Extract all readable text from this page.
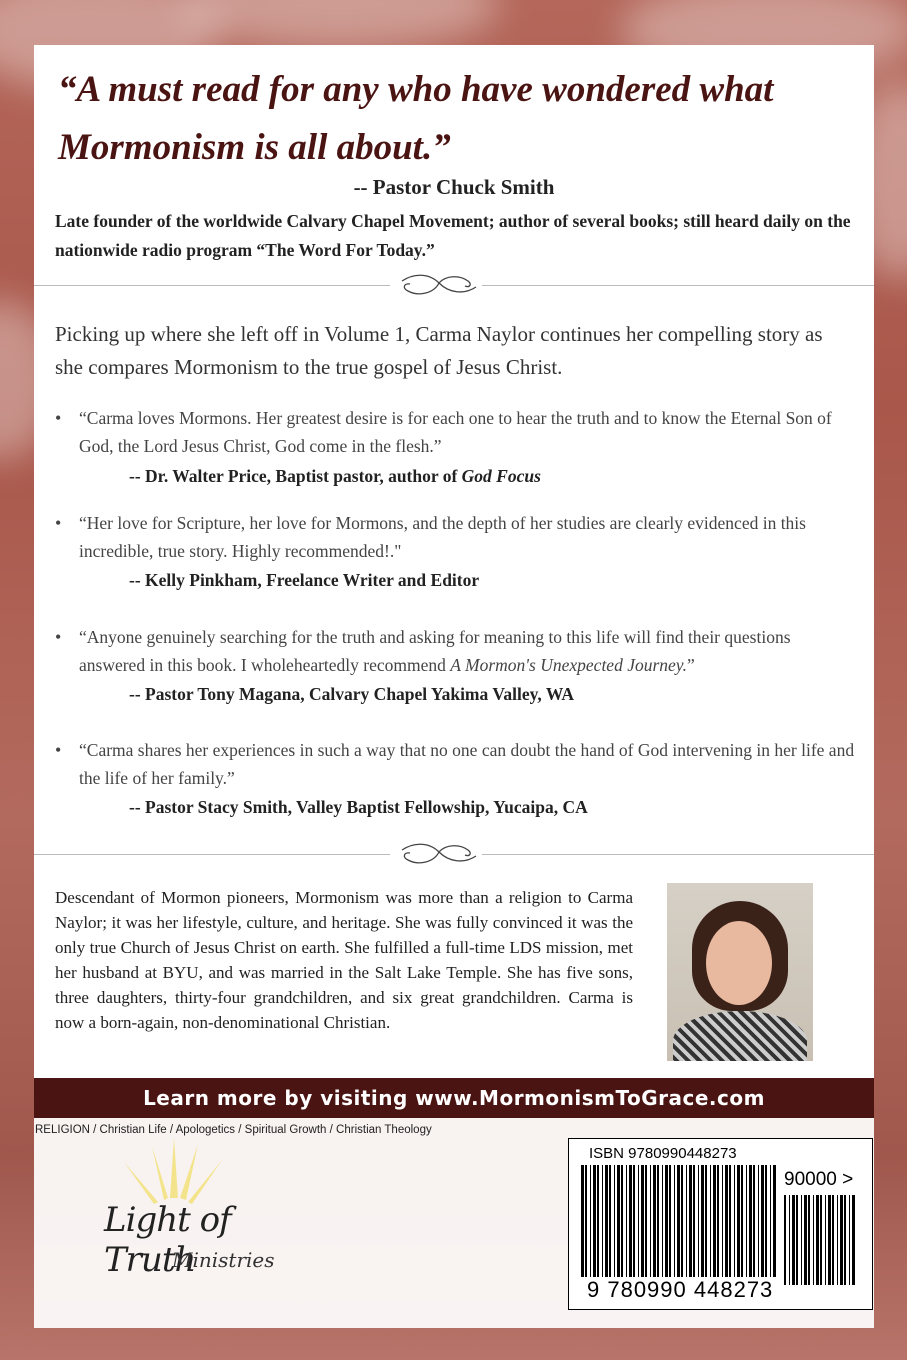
“A must read for any who have wondered what Mormonism is all about.”
-- Pastor Chuck Smith
Late founder of the worldwide Calvary Chapel Movement; author of several books; still heard daily on the nationwide radio program “The Word For Today.”
Picking up where she left off in Volume 1, Carma Naylor continues her compelling story as she compares Mormonism to the true gospel of Jesus Christ.
• “Carma loves Mormons. Her greatest desire is for each one to hear the truth and to know the Eternal Son of God, the Lord Jesus Christ, God come in the flesh.”
-- Dr. Walter Price, Baptist pastor, author of God Focus
• “Her love for Scripture, her love for Mormons, and the depth of her studies are clearly evidenced in this incredible, true story. Highly recommended!."
-- Kelly Pinkham, Freelance Writer and Editor
• “Anyone genuinely searching for the truth and asking for meaning to this life will find their questions answered in this book. I wholeheartedly recommend A Mormon's Unexpected Journey.”
-- Pastor Tony Magana, Calvary Chapel Yakima Valley, WA
• “Carma shares her experiences in such a way that no one can doubt the hand of God intervening in her life and the life of her family.”
-- Pastor Stacy Smith, Valley Baptist Fellowship, Yucaipa, CA
Descendant of Mormon pioneers, Mormonism was more than a religion to Carma Naylor; it was her lifestyle, culture, and heritage. She was fully convinced it was the only true Church of Jesus Christ on earth. She fulfilled a full-time LDS mission, met her husband at BYU, and was married in the Salt Lake Temple. She has five sons, three daughters, thirty-four grandchildren, and six great grandchildren. Carma is now a born-again, non-denominational Christian.
Learn more by visiting www.MormonismToGrace.com
RELIGION / Christian Life / Apologetics / Spiritual Growth / Christian Theology
Light of Truth
Ministries
ISBN 9780990448273
90000 >
9 780990 448273
